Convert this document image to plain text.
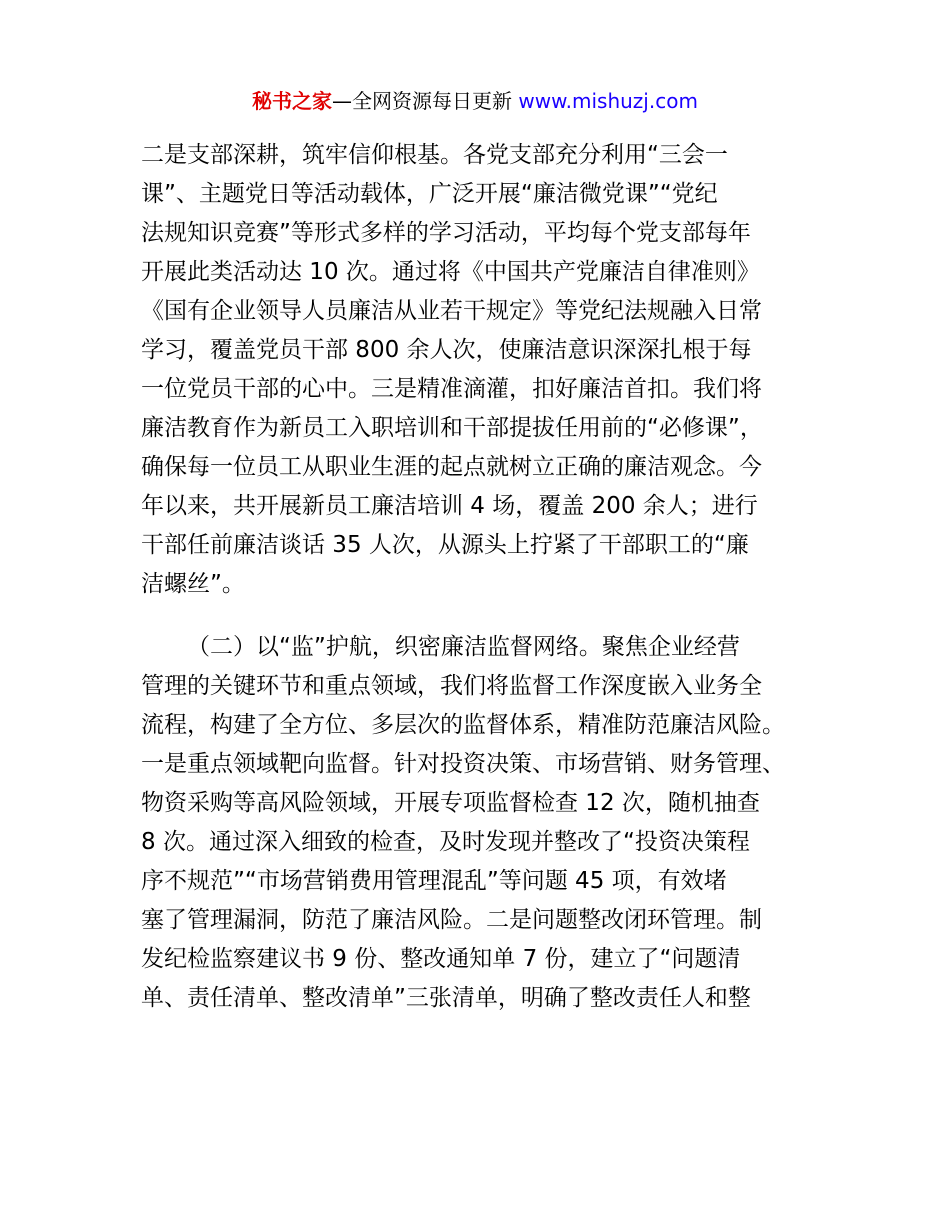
秘书之家—全网资源每日更新 www.mishuzj.com
二是支部深耕，筑牢信仰根基。各党支部充分利用“三会一
课”、主题党日等活动载体，广泛开展“廉洁微党课”“党纪
法规知识竞赛”等形式多样的学习活动，平均每个党支部每年
开展此类活动达 10 次。通过将《中国共产党廉洁自律准则》
《国有企业领导人员廉洁从业若干规定》等党纪法规融入日常
学习，覆盖党员干部 800 余人次，使廉洁意识深深扎根于每
一位党员干部的心中。三是精准滴灌，扣好廉洁首扣。我们将
廉洁教育作为新员工入职培训和干部提拔任用前的“必修课”，
确保每一位员工从职业生涯的起点就树立正确的廉洁观念。今
年以来，共开展新员工廉洁培训 4 场，覆盖 200 余人；进行
干部任前廉洁谈话 35 人次，从源头上拧紧了干部职工的“廉
洁螺丝”。
（二）以“监”护航，织密廉洁监督网络。聚焦企业经营
管理的关键环节和重点领域，我们将监督工作深度嵌入业务全
流程，构建了全方位、多层次的监督体系，精准防范廉洁风险。
一是重点领域靶向监督。针对投资决策、市场营销、财务管理、
物资采购等高风险领域，开展专项监督检查 12 次，随机抽查
8 次。通过深入细致的检查，及时发现并整改了“投资决策程
序不规范”“市场营销费用管理混乱”等问题 45 项，有效堵
塞了管理漏洞，防范了廉洁风险。二是问题整改闭环管理。制
发纪检监察建议书 9 份、整改通知单 7 份，建立了“问题清
单、责任清单、整改清单”三张清单，明确了整改责任人和整
